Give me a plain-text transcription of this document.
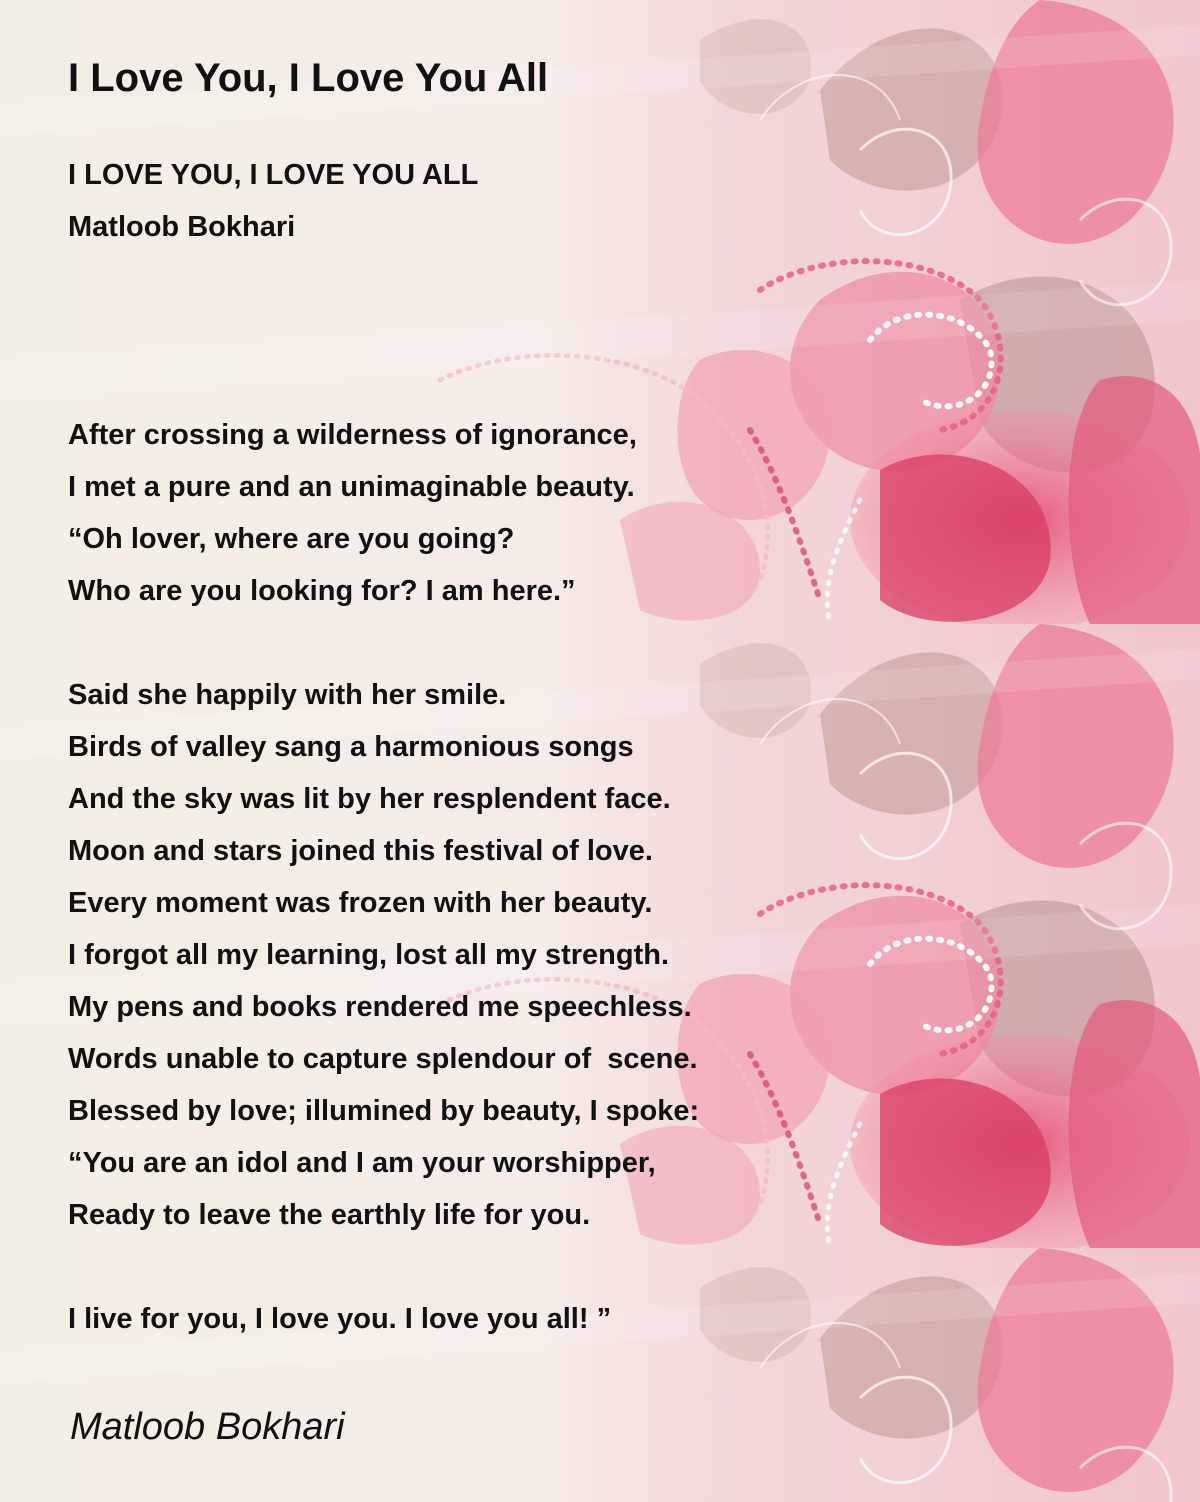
I Love You, I Love You All

I LOVE YOU, I LOVE YOU ALL

Matloob Bokhari

After crossing a wilderness of ignorance,

I met a pure and an unimaginable beauty.

“Oh lover, where are you going?

Who are you looking for? I am here.”

Said she happily with her smile.

Birds of valley sang a harmonious songs

And the sky was lit by her resplendent face.

Moon and stars joined this festival of love.

Every moment was frozen with her beauty.

I forgot all my learning, lost all my strength.

My pens and books rendered me speechless.

Words unable to capture splendour of  scene.

Blessed by love; illumined by beauty, I spoke:

“You are an idol and I am your worshipper,

Ready to leave the earthly life for you.

I live for you, I love you. I love you all! ”

Matloob Bokhari
